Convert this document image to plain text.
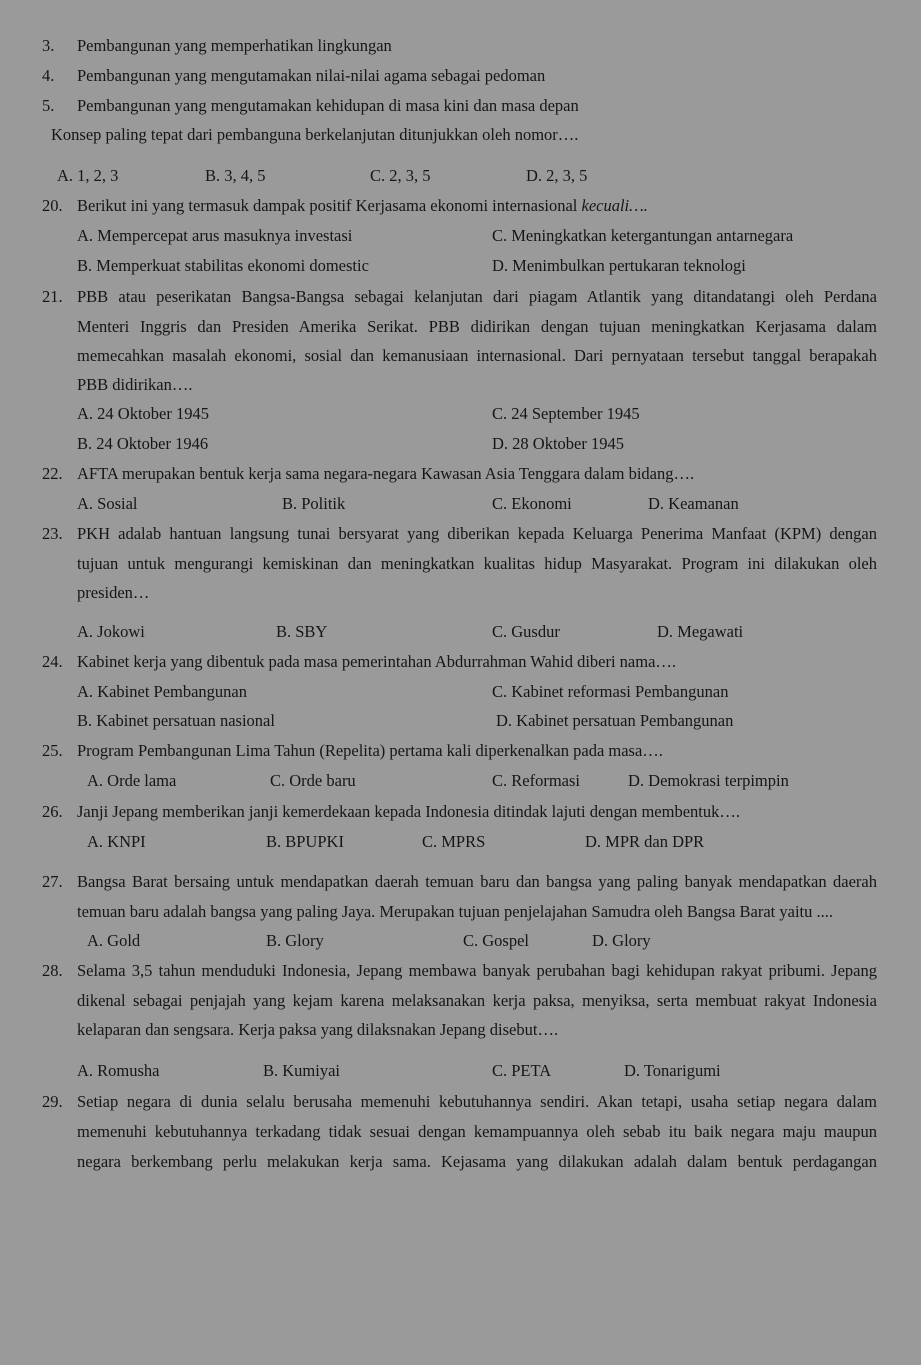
3. Pembangunan yang memperhatikan lingkungan
4. Pembangunan yang mengutamakan nilai-nilai agama sebagai pedoman
5. Pembangunan yang mengutamakan kehidupan di masa kini dan masa depan
Konsep paling tepat dari pembanguna berkelanjutan ditunjukkan oleh nomor….
A. 1, 2, 3	B. 3, 4, 5	C. 2, 3, 5	D. 2, 3, 5
20. Berikut ini yang termasuk dampak positif Kerjasama ekonomi internasional kecuali….
A. Mempercepat arus masuknya investasi	C. Meningkatkan ketergantungan antarnegara
B. Memperkuat stabilitas ekonomi domestic	D. Menimbulkan pertukaran teknologi
21. PBB atau peserikatan Bangsa-Bangsa sebagai kelanjutan dari piagam Atlantik yang ditandatangi oleh Perdana
Menteri Inggris dan Presiden Amerika Serikat. PBB didirikan dengan tujuan meningkatkan Kerjasama dalam
memecahkan masalah ekonomi, sosial dan kemanusiaan internasional. Dari pernyataan tersebut tanggal berapakah
PBB didirikan….
A. 24 Oktober 1945	C. 24 September 1945
B. 24 Oktober 1946	D. 28 Oktober 1945
22. AFTA merupakan bentuk kerja sama negara-negara Kawasan Asia Tenggara dalam bidang….
A. Sosial	B. Politik	C. Ekonomi	D. Keamanan
23. PKH adalab hantuan langsung tunai bersyarat yang diberikan kepada Keluarga Penerima Manfaat (KPM) dengan
tujuan untuk mengurangi kemiskinan dan meningkatkan kualitas hidup Masyarakat. Program ini dilakukan oleh
presiden…
A. Jokowi	B. SBY	C. Gusdur	D. Megawati
24. Kabinet kerja yang dibentuk pada masa pemerintahan Abdurrahman Wahid diberi nama….
A. Kabinet Pembangunan	C. Kabinet reformasi Pembangunan
B. Kabinet persatuan nasional	D. Kabinet persatuan Pembangunan
25. Program Pembangunan Lima Tahun (Repelita) pertama kali diperkenalkan pada masa….
A. Orde lama	C. Orde baru	C. Reformasi	D. Demokrasi terpimpin
26. Janji Jepang memberikan janji kemerdekaan kepada Indonesia ditindak lajuti dengan membentuk….
A. KNPI	B. BPUPKI	C. MPRS	D. MPR dan DPR
27. Bangsa Barat bersaing untuk mendapatkan daerah temuan baru dan bangsa yang paling banyak mendapatkan daerah
temuan baru adalah bangsa yang paling Jaya. Merupakan tujuan penjelajahan Samudra oleh Bangsa Barat yaitu ....
A. Gold	B. Glory	C. Gospel	D. Glory
28. Selama 3,5 tahun menduduki Indonesia, Jepang membawa banyak perubahan bagi kehidupan rakyat pribumi. Jepang
dikenal sebagai penjajah yang kejam karena melaksanakan kerja paksa, menyiksa, serta membuat rakyat Indonesia
kelaparan dan sengsara. Kerja paksa yang dilaksnakan Jepang disebut….
A. Romusha	B. Kumiyai	C. PETA	D. Tonarigumi
29. Setiap negara di dunia selalu berusaha memenuhi kebutuhannya sendiri. Akan tetapi, usaha setiap negara dalam
memenuhi kebutuhannya terkadang tidak sesuai dengan kemampuannya oleh sebab itu baik negara maju maupun
negara berkembang perlu melakukan kerja sama. Kejasama yang dilakukan adalah dalam bentuk perdagangan
